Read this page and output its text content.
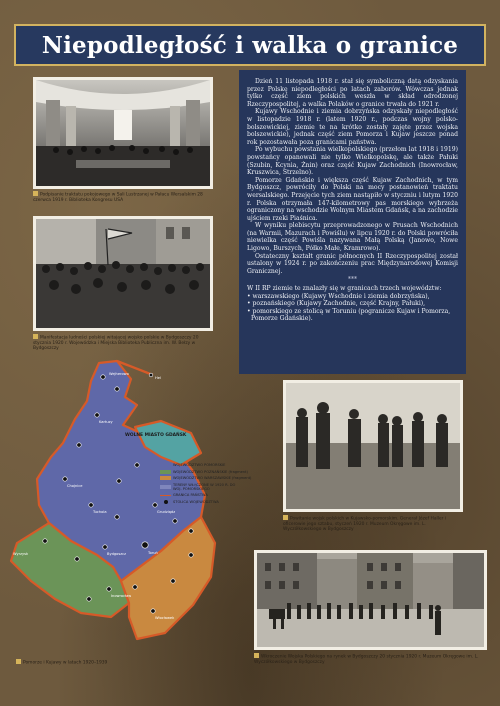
Niepodległość i walka o granice
Podpisanie traktatu pokojowego w Sali Lustrzanej w Pałacu Wersalskim 28 czerwca 1919 r. Biblioteka Kongresu USA
Manifestacja ludności polskiej witającej wojsko polskie w Bydgoszczy 20 stycznia 1920 r. Wojewódzka i Miejska Biblioteka Publiczna im. W. Bełzy w Bydgoszczy

Dzień 11 listopada 1918 r. stał się symboliczną datą odzyskania przez Polskę niepodległości po latach zaborów. Wówczas jednak tylko część ziem polskich weszła w skład odrodzonej Rzeczypospolitej, a walka Polaków o granice trwała do 1921 r.

Kujawy Wschodnie i ziemia dobrzyńska odzyskały niepodległość w listopadzie 1918 r. (latem 1920 r., podczas wojny polsko-bolszewickiej, ziemie te na krótko zostały zajęte przez wojska bolszewickie), jednak część ziem Pomorza i Kujaw jeszcze ponad rok pozostawała poza granicami państwa.

Po wybuchu powstania wielkopolskiego (przełom lat 1918 i 1919) powstańcy opanowali nie tylko Wielkopolskę, ale także Pałuki (Szubin, Kcynia, Żnin) oraz część Kujaw Zachodnich (Inowrocław, Kruszwica, Strzelno).

Pomorze Gdańskie i większa część Kujaw Zachodnich, w tym Bydgoszcz, powróciły do Polski na mocy postanowień traktatu wersalskiego. Przejęcie tych ziem nastąpiło w styczniu i lutym 1920 r. Polska otrzymała 147-kilometrowy pas morskiego wybrzeża ograniczony na wschodzie Wolnym Miastem Gdańsk, a na zachodzie ujściem rzeki Piaśnica.

W wyniku plebiscytu przeprowadzonego w Prusach Wschodnich (na Warmii, Mazurach i Powiślu) w lipcu 1920 r. do Polski powróciła niewielka część Powiśla nazywana Małą Polską (Janowo, Nowe Ligowo, Burszych, Półko Małe, Kramrowo).

Ostateczny kształt granic północnych II Rzeczypospolitej został ustalony w 1924 r. po zakończeniu prac Międzynarodowej Komisji Granicznej.

***

W II RP ziemie te znalazły się w granicach trzech województw:

• warszawskiego (Kujawy Wschodnie i ziemia dobrzyńska),
• poznańskiego (Kujawy Zachodnie, część Krajny, Pałuki),
• pomorskiego ze stolicą w Toruniu (pogranicze Kujaw i Pomorza, Pomorze Gdańskie).
Wejherowo
Hel
Kartuzy
Chojnice
Tuchola	Grudziądz
Toruń
Bydgoszcz
Inowrocław
Włocławek
Wyrzysk
WOLNE MIASTO GDAŃSK
WOJEWÓDZTWO POMORSKIE
WOJEWÓDZTWO POZNAŃSKIE (fragment)
WOJEWÓDZTWO WARSZAWSKIE (fragment)
TERENY WŁĄCZONE W 1920 R. DO WOJ. POMORSKIEGO
GRANICA PAŃSTWA
STOLICA WOJEWÓDZTWA
Pomorze i Kujawy w latach 1920–1939
Powitanie wojsk polskich w Kujawsko-pomorskim. Generał Józef Haller i oficerowie jego sztabu, styczeń 1920 r. Muzeum Okręgowe im. L. Wyczółkowskiego w Bydgoszczy
Wkroczenie Wojska Polskiego na rynek w Bydgoszczy 20 stycznia 1920 r. Muzeum Okręgowe im. L. Wyczółkowskiego w Bydgoszczy
